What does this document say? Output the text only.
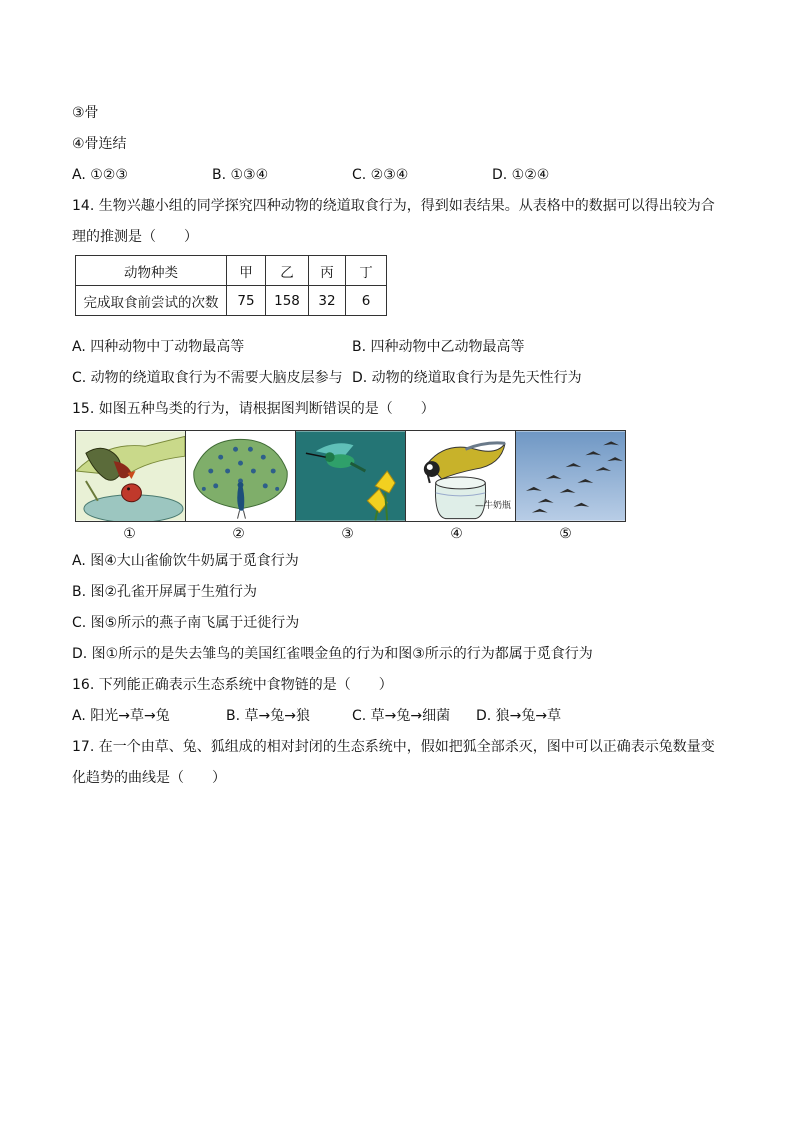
③骨
④骨连结
A. ①②③	B. ①③④	C. ②③④	D. ①②④
14. 生物兴趣小组的同学探究四种动物的绕道取食行为，得到如表结果。从表格中的数据可以得出较为合
理的推测是（　　）
动物种类	甲	乙	丙	丁
完成取食前尝试的次数	75	158	32	6
A. 四种动物中丁动物最高等	B. 四种动物中乙动物最高等
C. 动物的绕道取食行为不需要大脑皮层参与 D. 动物的绕道取食行为是先天性行为
15. 如图五种鸟类的行为，请根据图判断错误的是（　　）
—牛奶瓶
①	②	③	④	⑤
A. 图④大山雀偷饮牛奶属于觅食行为
B. 图②孔雀开屏属于生殖行为
C. 图⑤所示的燕子南飞属于迁徙行为
D. 图①所示的是失去雏鸟的美国红雀喂金鱼的行为和图③所示的行为都属于觅食行为
16. 下列能正确表示生态系统中食物链的是（　　）
A. 阳光→草→兔	B. 草→兔→狼	C. 草→兔→细菌	D. 狼→兔→草
17. 在一个由草、兔、狐组成的相对封闭的生态系统中，假如把狐全部杀灭，图中可以正确表示兔数量变
化趋势的曲线是（　　）
